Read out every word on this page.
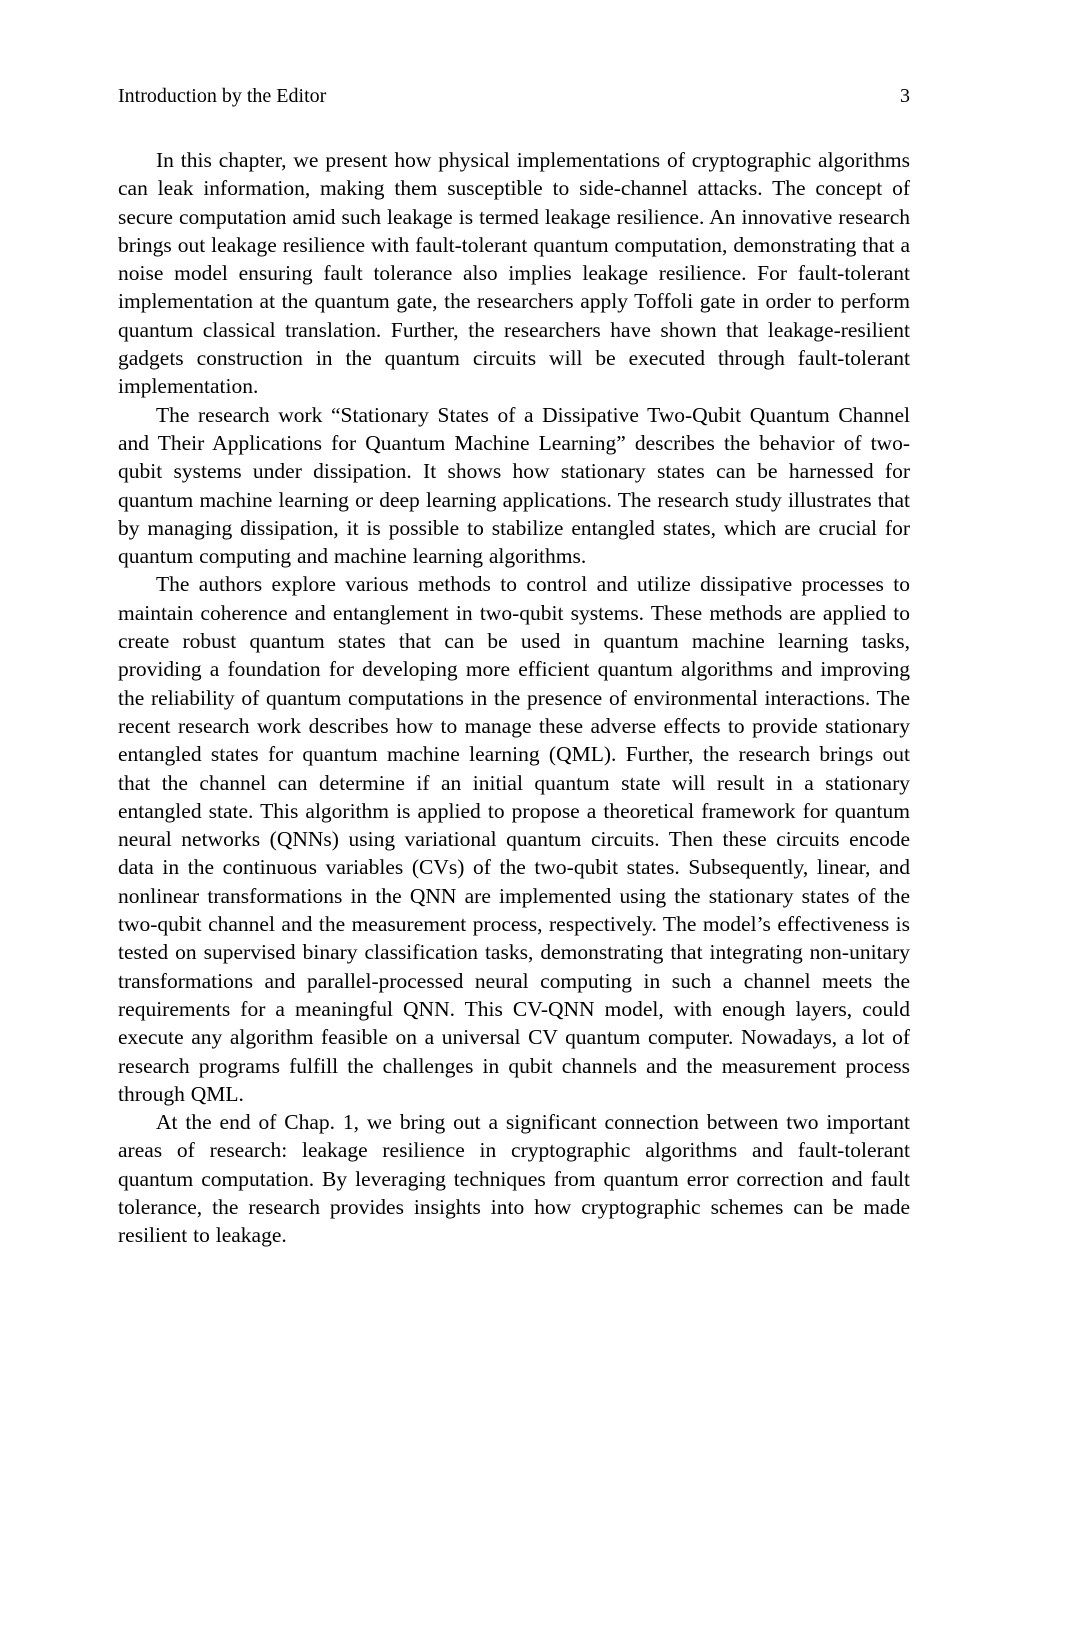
Introduction by the Editor	3

In this chapter, we present how physical implementations of cryptographic algorithms can leak information, making them susceptible to side-channel attacks. The concept of secure computation amid such leakage is termed leakage resilience. An innovative research brings out leakage resilience with fault-tolerant quantum computation, demonstrating that a noise model ensuring fault tolerance also implies leakage resilience. For fault-tolerant implementation at the quantum gate, the researchers apply Toffoli gate in order to perform quantum classical translation. Further, the researchers have shown that leakage-resilient gadgets construction in the quantum circuits will be executed through fault-tolerant implementation.

The research work “Stationary States of a Dissipative Two-Qubit Quantum Channel and Their Applications for Quantum Machine Learning” describes the behavior of two-qubit systems under dissipation. It shows how stationary states can be harnessed for quantum machine learning or deep learning applications. The research study illustrates that by managing dissipation, it is possible to stabilize entangled states, which are crucial for quantum computing and machine learning algorithms.

The authors explore various methods to control and utilize dissipative processes to maintain coherence and entanglement in two-qubit systems. These methods are applied to create robust quantum states that can be used in quantum machine learning tasks, providing a foundation for developing more efficient quantum algorithms and improving the reliability of quantum computations in the presence of environmental interactions. The recent research work describes how to manage these adverse effects to provide stationary entangled states for quantum machine learning (QML). Further, the research brings out that the channel can determine if an initial quantum state will result in a stationary entangled state. This algorithm is applied to propose a theoretical framework for quantum neural networks (QNNs) using variational quantum circuits. Then these circuits encode data in the continuous variables (CVs) of the two-qubit states. Subsequently, linear, and nonlinear transformations in the QNN are implemented using the stationary states of the two-qubit channel and the measurement process, respectively. The model’s effectiveness is tested on supervised binary classification tasks, demonstrating that integrating non-unitary transformations and parallel-processed neural computing in such a channel meets the requirements for a meaningful QNN. This CV-QNN model, with enough layers, could execute any algorithm feasible on a universal CV quantum computer. Nowadays, a lot of research programs fulfill the challenges in qubit channels and the measurement process through QML.

At the end of Chap. 1, we bring out a significant connection between two important areas of research: leakage resilience in cryptographic algorithms and fault-tolerant quantum computation. By leveraging techniques from quantum error correction and fault tolerance, the research provides insights into how cryptographic schemes can be made resilient to leakage.
